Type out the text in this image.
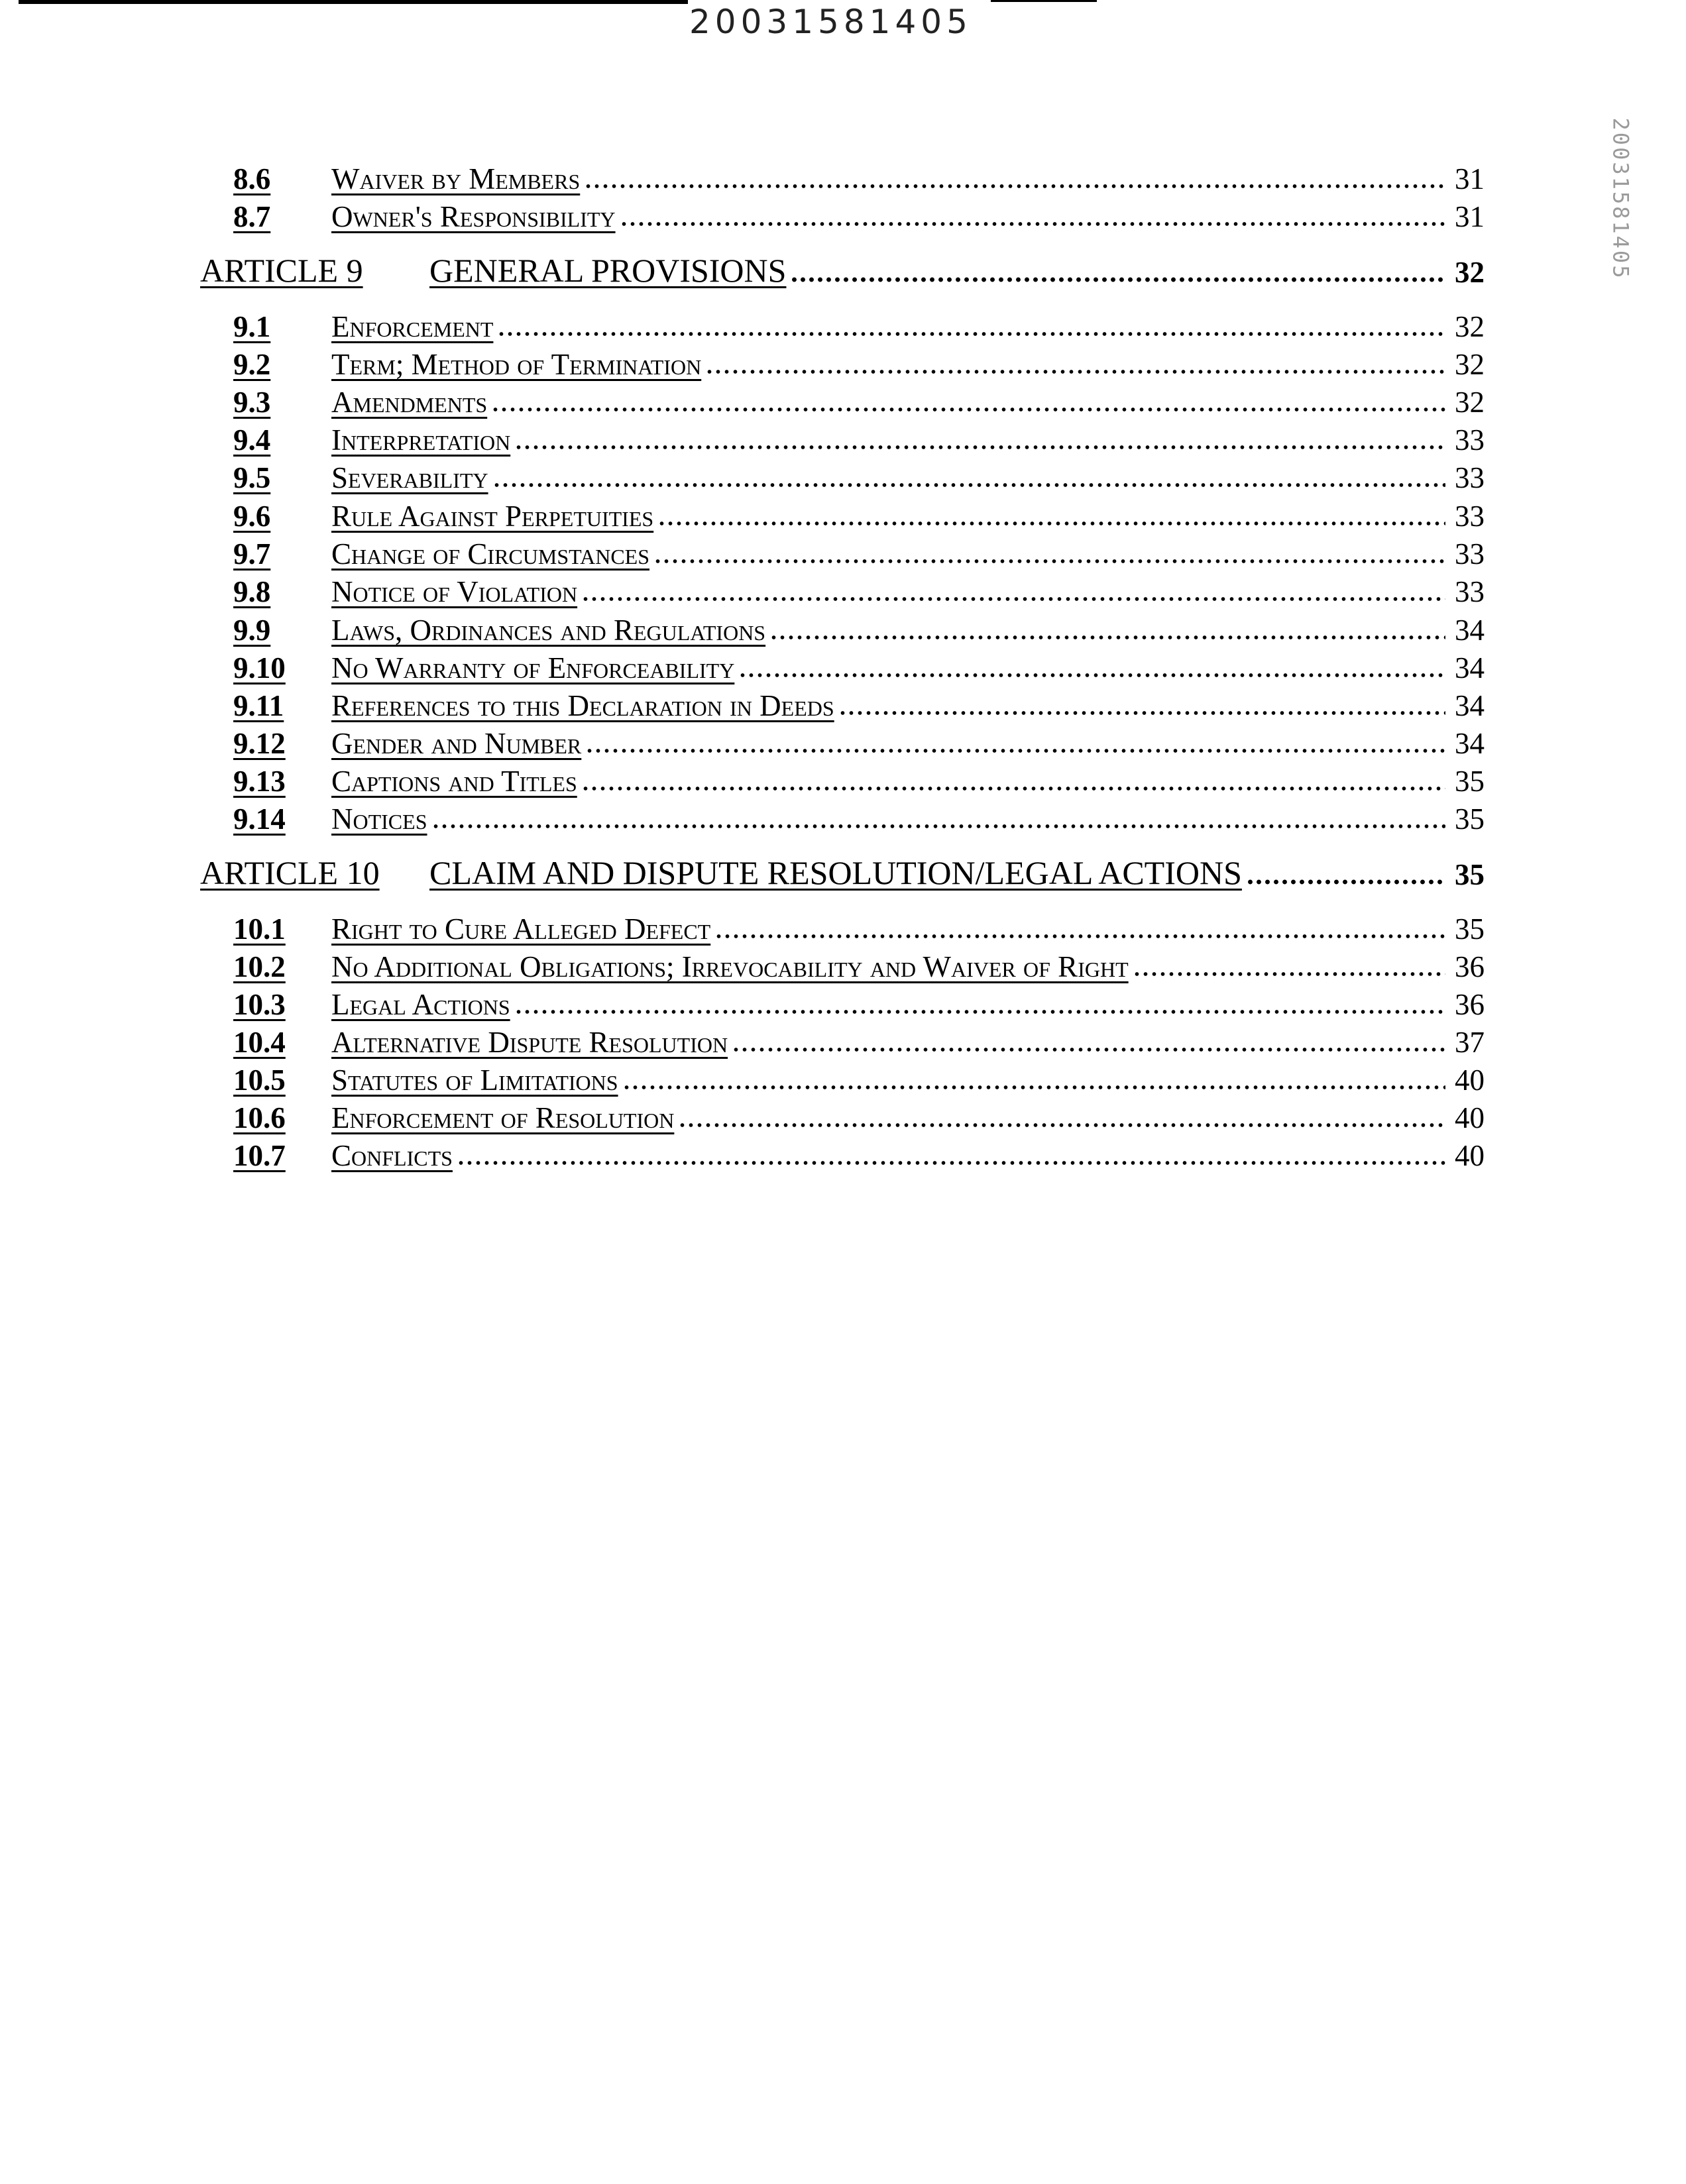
20031581405
20031581405
8.6 Waiver by Members	31
8.7 Owner's Responsibility	31
ARTICLE 9 GENERAL PROVISIONS	32
9.1 Enforcement	32
9.2 Term; Method of Termination	32
9.3 Amendments	32
9.4 Interpretation	33
9.5 Severability	33
9.6 Rule Against Perpetuities	33
9.7 Change of Circumstances	33
9.8 Notice of Violation	33
9.9 Laws, Ordinances and Regulations	34
9.10 No Warranty of Enforceability	34
9.11 References to this Declaration in Deeds	34
9.12 Gender and Number	34
9.13 Captions and Titles	35
9.14 Notices	35
ARTICLE 10 CLAIM AND DISPUTE RESOLUTION/LEGAL ACTIONS	35
10.1 Right to Cure Alleged Defect	35
10.2 No Additional Obligations; Irrevocability and Waiver of Right	36
10.3 Legal Actions	36
10.4 Alternative Dispute Resolution	37
10.5 Statutes of Limitations	40
10.6 Enforcement of Resolution	40
10.7 Conflicts	40
